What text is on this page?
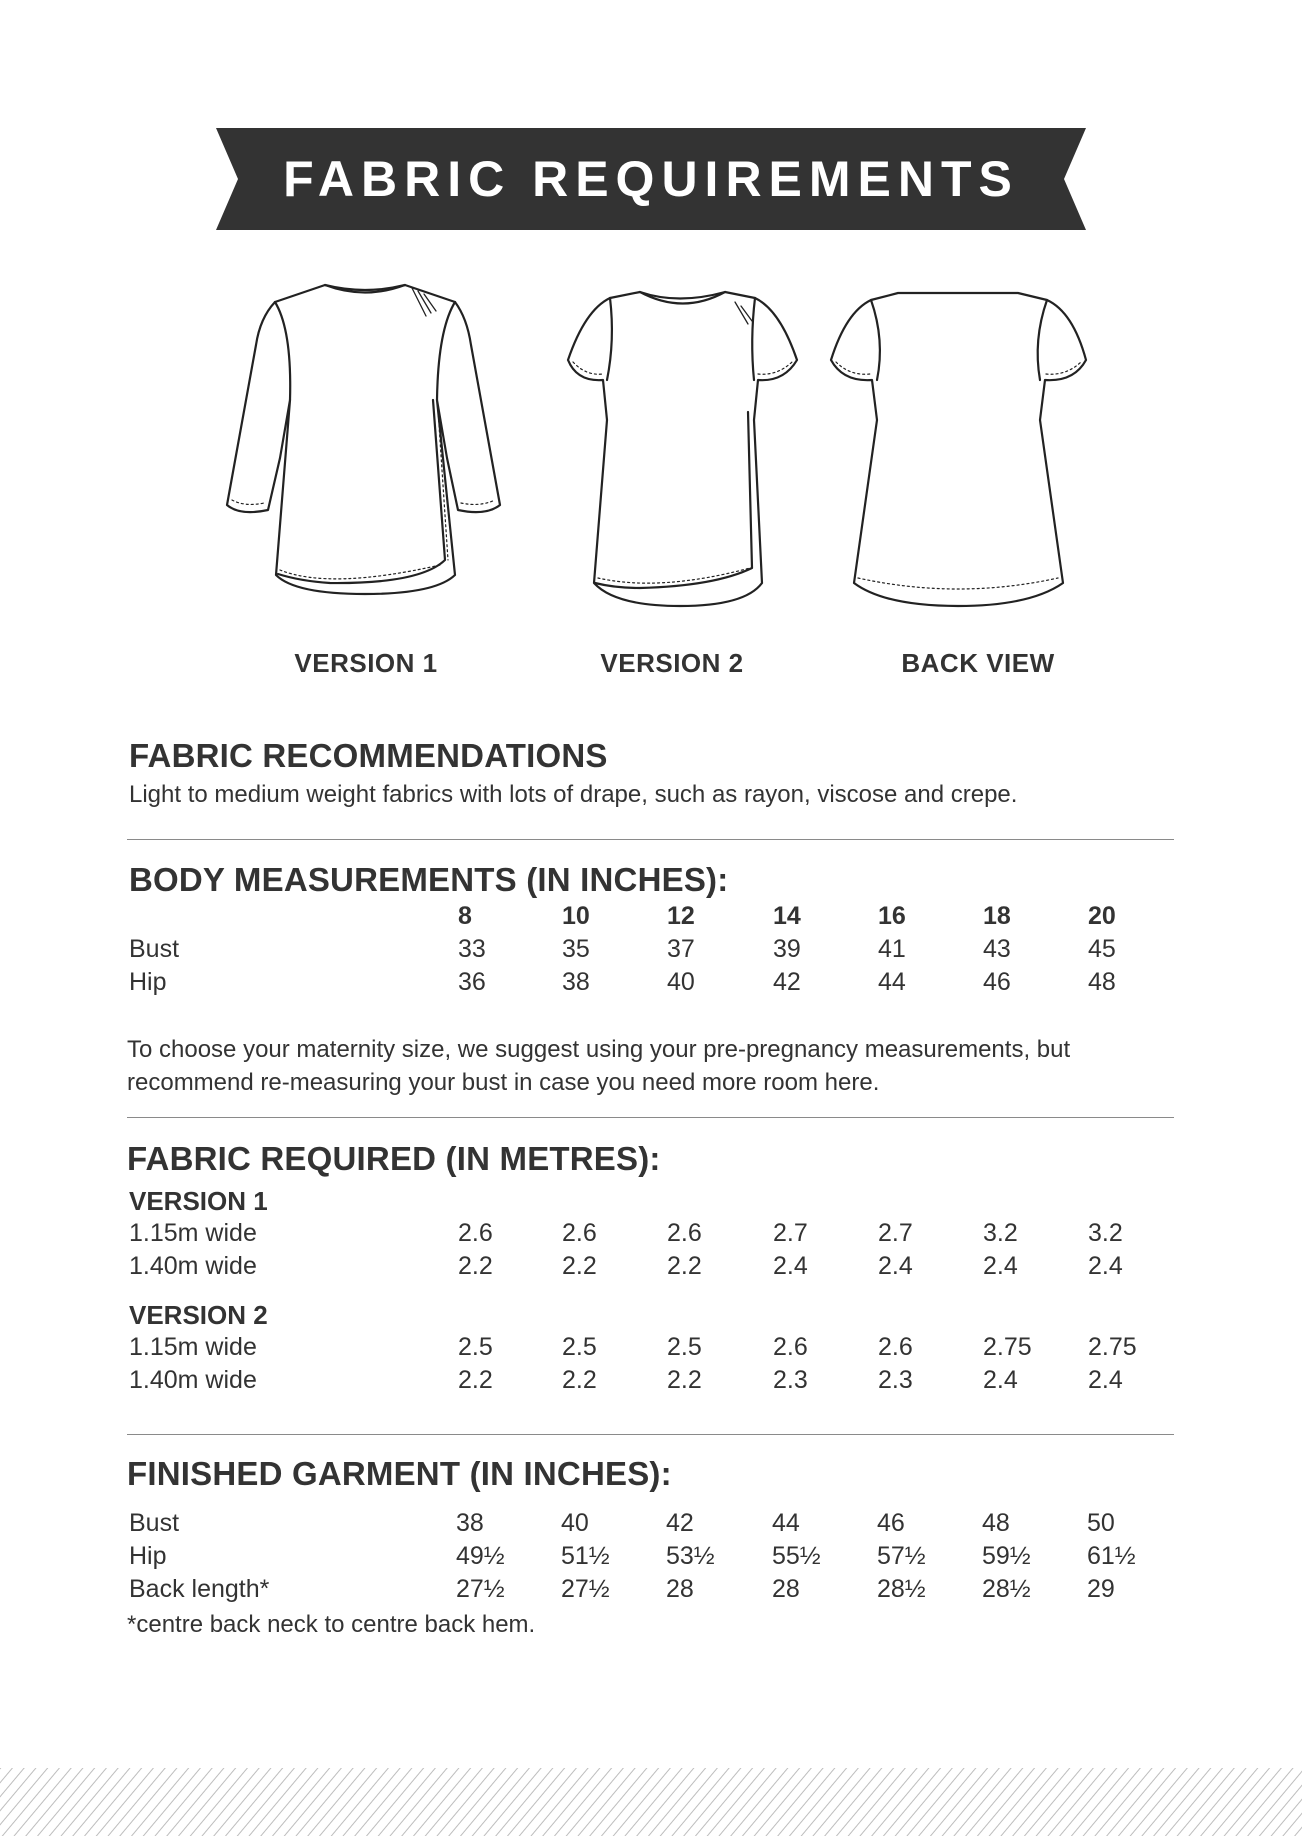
FABRIC REQUIREMENTS
VERSION 1	VERSION 2	BACK VIEW
FABRIC RECOMMENDATIONS

Light to medium weight fabrics with lots of drape, such as rayon, viscose and crepe.

BODY MEASUREMENTS (IN INCHES):
8	10	12	14	16	18	20
Bust	33	35	37	39	41	43	45
Hip	36	38	40	42	44	46	48

To choose your maternity size, we suggest using your pre-pregnancy measurements, but

recommend re-measuring your bust in case you need more room here.

FABRIC REQUIRED (IN METRES):
VERSION 1
1.15m wide	2.6	2.6	2.6	2.7	2.7	3.2	3.2
1.40m wide	2.2	2.2	2.2	2.4	2.4	2.4	2.4
VERSION 2
1.15m wide	2.5	2.5	2.5	2.6	2.6	2.75 2.75
1.40m wide	2.2	2.2	2.2	2.3	2.3	2.4	2.4
FINISHED GARMENT (IN INCHES):
Bust	38	40	42	44	46	48	50
Hip	49½ 51½ 53½ 55½ 57½ 59½ 61½
Back length*	27½ 27½ 28	28	28½ 28½ 29

*centre back neck to centre back hem.
